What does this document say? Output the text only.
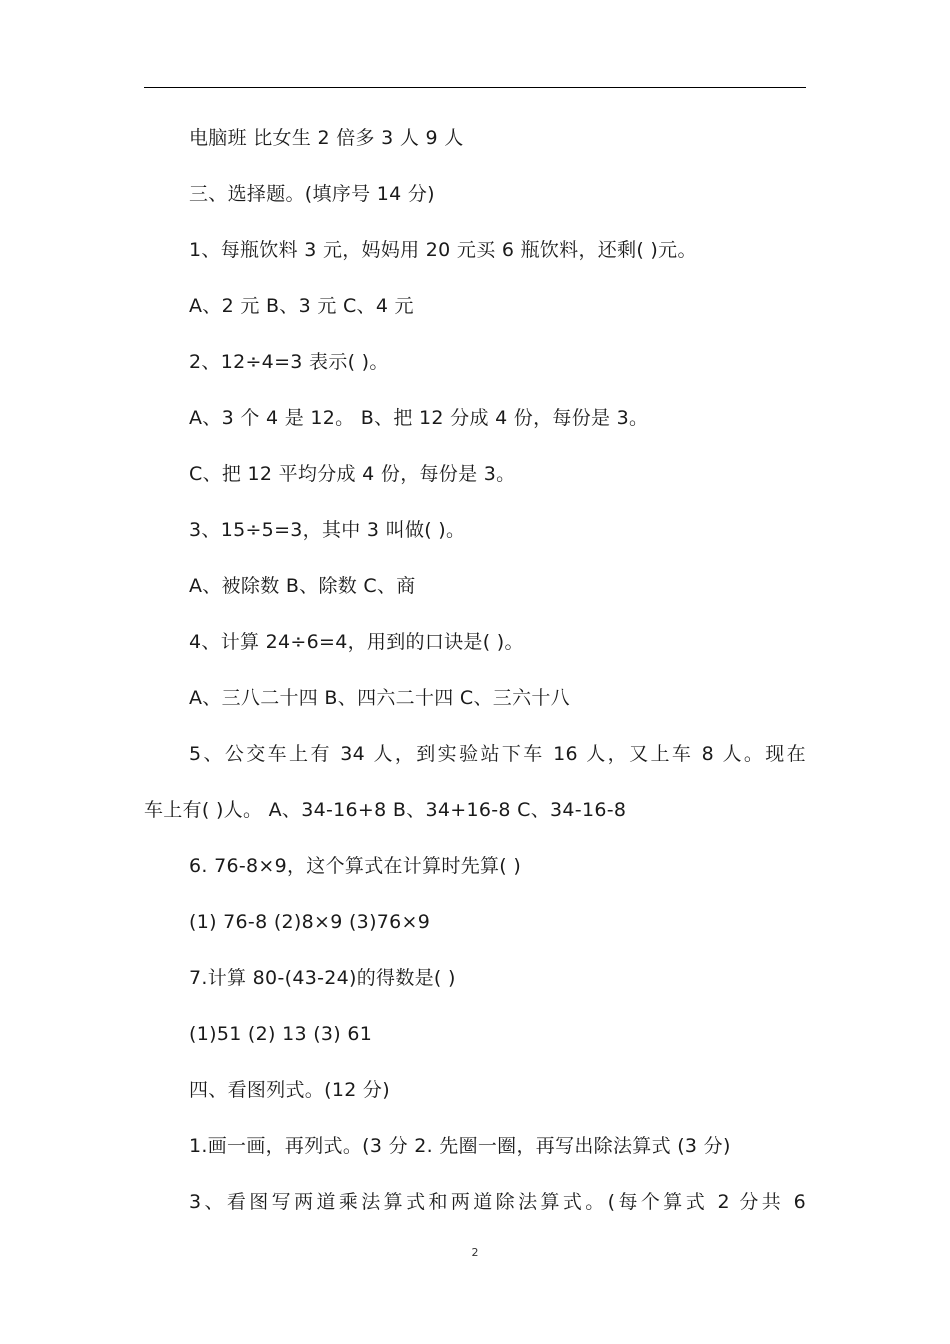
电脑班 比女生 2 倍多 3 人 9 人
三、选择题。(填序号 14 分)
1、每瓶饮料 3 元，妈妈用 20 元买 6 瓶饮料，还剩( )元。
A、2 元 B、3 元 C、4 元
2、12÷4=3 表示( )。
A、3 个 4 是 12。 B、把 12 分成 4 份，每份是 3。
C、把 12 平均分成 4 份，每份是 3。
3、15÷5=3，其中 3 叫做( )。
A、被除数 B、除数 C、商
4、计算 24÷6=4，用到的口诀是( )。
A、三八二十四 B、四六二十四 C、三六十八
5、公交车上有 34 人，到实验站下车 16 人，又上车 8 人。现在
车上有( )人。 A、34-16+8 B、34+16-8 C、34-16-8
6. 76-8×9，这个算式在计算时先算( )
(1) 76-8 (2)8×9 (3)76×9
7.计算 80-(43-24)的得数是( )
(1)51 (2) 13 (3) 61
四、看图列式。(12 分)
1.画一画，再列式。(3 分 2. 先圈一圈，再写出除法算式 (3 分)
3、看图写两道乘法算式和两道除法算式。(每个算式 2 分共 6
2
